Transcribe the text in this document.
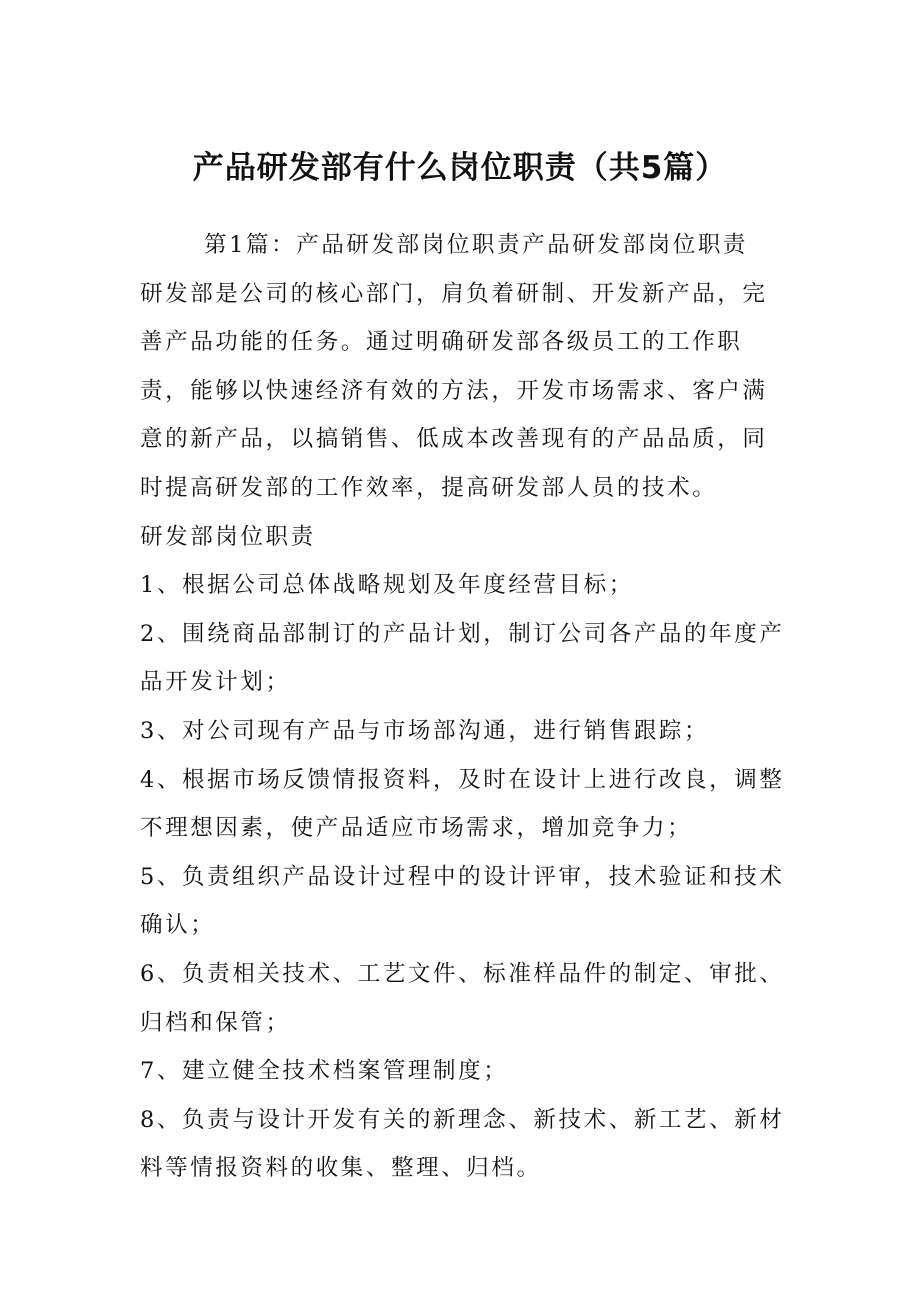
产品研发部有什么岗位职责（共5篇）

第1篇：产品研发部岗位职责产品研发部岗位职责

研发部是公司的核心部门，肩负着研制、开发新产品，完善产品功能的任务。通过明确研发部各级员工的工作职责，能够以快速经济有效的方法，开发市场需求、客户满意的新产品，以搞销售、低成本改善现有的产品品质，同时提高研发部的工作效率，提高研发部人员的技术。

研发部岗位职责

1、根据公司总体战略规划及年度经营目标；

2、围绕商品部制订的产品计划，制订公司各产品的年度产品开发计划；

3、对公司现有产品与市场部沟通，进行销售跟踪；

4、根据市场反馈情报资料，及时在设计上进行改良，调整不理想因素，使产品适应市场需求，增加竞争力；

5、负责组织产品设计过程中的设计评审，技术验证和技术确认；

6、负责相关技术、工艺文件、标准样品件的制定、审批、归档和保管；

7、建立健全技术档案管理制度；

8、负责与设计开发有关的新理念、新技术、新工艺、新材料等情报资料的收集、整理、归档。
